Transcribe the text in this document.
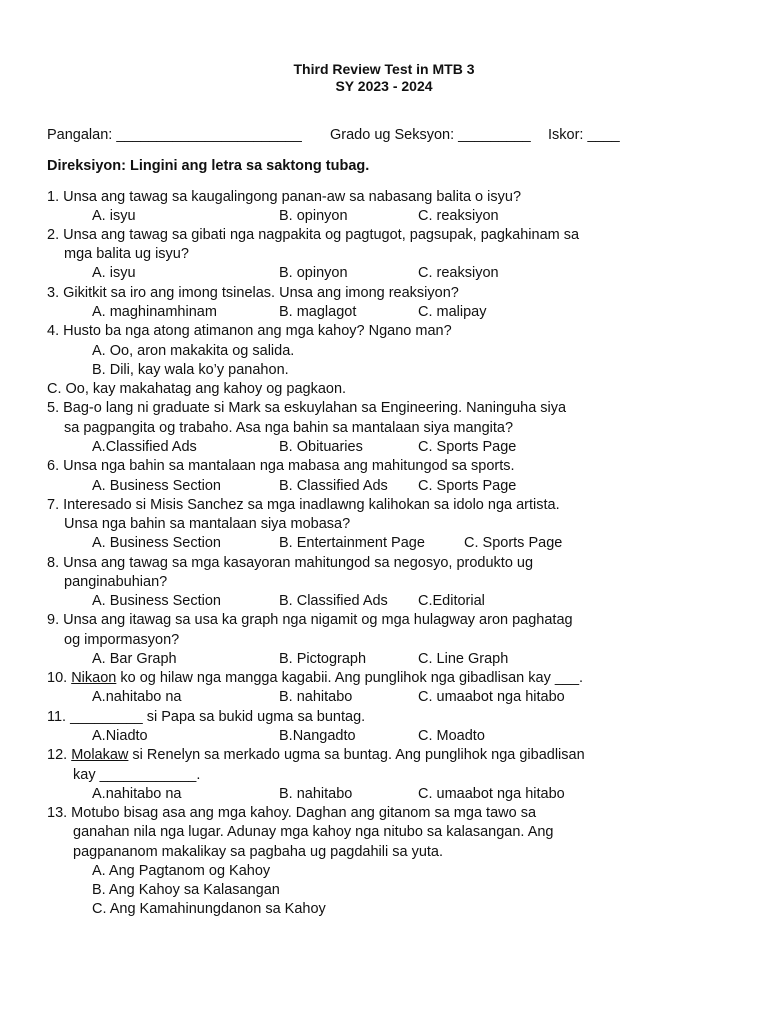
Third Review Test in MTB 3
SY 2023 - 2024
Pangalan: _______________________ Grado ug Seksyon: _________ Iskor: ____
Direksiyon: Lingini ang letra sa saktong tubag.
1. Unsa ang tawag sa kaugalingong panan-aw sa nabasang balita o isyu?
A. isyu	B. opinyon	C. reaksiyon
2. Unsa ang tawag sa gibati nga nagpakita og pagtugot, pagsupak, pagkahinam sa
mga balita ug isyu?
A. isyu	B. opinyon	C. reaksiyon
3. Gikitkit sa iro ang imong tsinelas. Unsa ang imong reaksiyon?
A. maghinamhinam	B. maglagot	C. malipay
4. Husto ba nga atong atimanon ang mga kahoy? Ngano man?
A. Oo, aron makakita og salida.
B. Dili, kay wala ko’y panahon.
C. Oo, kay makahatag ang kahoy og pagkaon.
5. Bag-o lang ni graduate si Mark sa eskuylahan sa Engineering. Naninguha siya
sa pagpangita og trabaho. Asa nga bahin sa mantalaan siya mangita?
A.Classified Ads	B. Obituaries	C. Sports Page
6. Unsa nga bahin sa mantalaan nga mabasa ang mahitungod sa sports.
A. Business Section	B. Classified Ads C. Sports Page
7. Interesado si Misis Sanchez sa mga inadlawng kalihokan sa idolo nga artista.
Unsa nga bahin sa mantalaan siya mobasa?
A. Business Section	B. Entertainment Page	C. Sports Page
8. Unsa ang tawag sa mga kasayoran mahitungod sa negosyo, produkto ug
panginabuhian?
A. Business Section	B. Classified Ads C.Editorial
9. Unsa ang itawag sa usa ka graph nga nigamit og mga hulagway aron paghatag
og impormasyon?
A. Bar Graph	B. Pictograph	C. Line Graph
10. Nikaon ko og hilaw nga mangga kagabii. Ang punglihok nga gibadlisan kay ___.
A.nahitabo na	B. nahitabo	C. umaabot nga hitabo
11. _________ si Papa sa bukid ugma sa buntag.
A.Niadto	B.Nangadto	C. Moadto
12. Molakaw si Renelyn sa merkado ugma sa buntag. Ang punglihok nga gibadlisan
kay ____________.
A.nahitabo na	B. nahitabo	C. umaabot nga hitabo
13. Motubo bisag asa ang mga kahoy. Daghan ang gitanom sa mga tawo sa
ganahan nila nga lugar. Adunay mga kahoy nga nitubo sa kalasangan. Ang
pagpananom makalikay sa pagbaha ug pagdahili sa yuta.
A. Ang Pagtanom og Kahoy
B. Ang Kahoy sa Kalasangan
C. Ang Kamahinungdanon sa Kahoy
